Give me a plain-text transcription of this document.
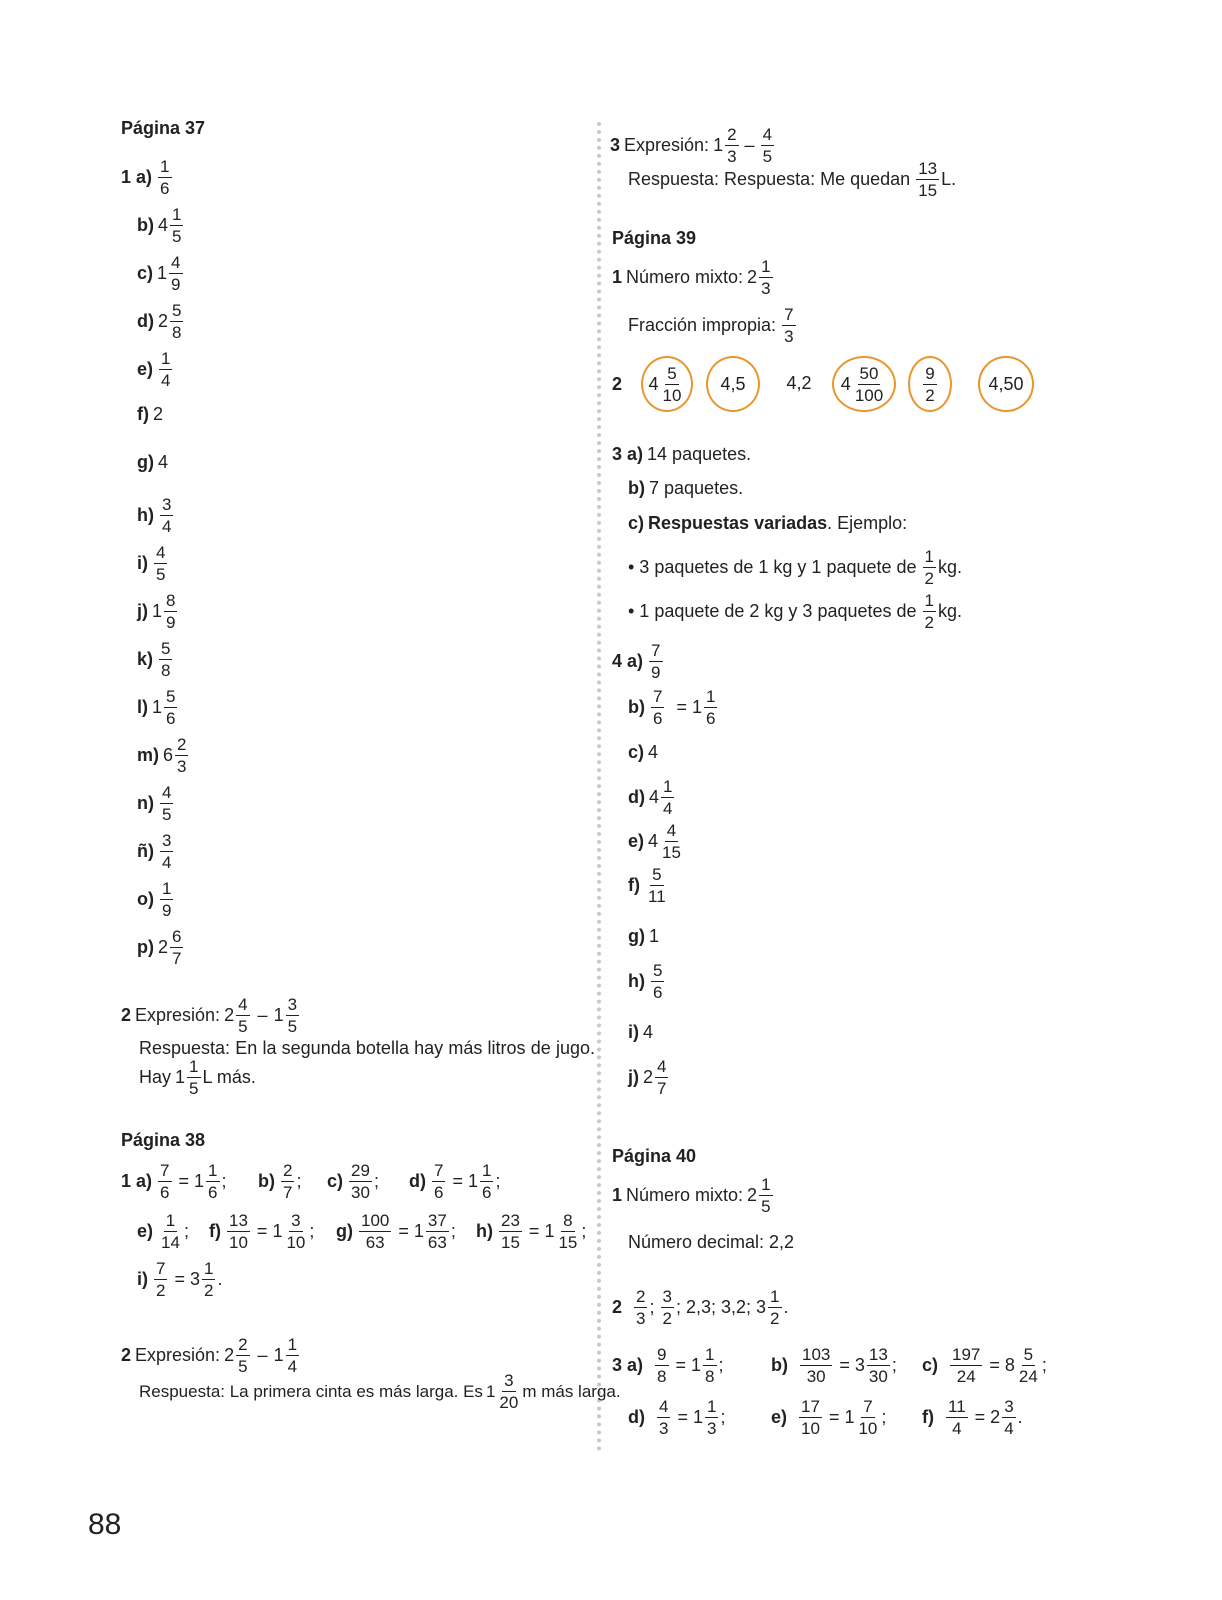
Página 37
1 $a) \frac{1}{6}$
b) $4 \frac{1}{5}$
c) $1 \frac{4}{9}$
d) $2 \frac{5}{8}$
$e) \frac{1}{4}$
f) 2
g) 4
$h) \frac{3}{4}$
$i) \frac{4}{5}$
j) $1 \frac{8}{9}$
$k) \frac{5}{8}$
l) $1 \frac{5}{6}$
m) $6 \frac{2}{3}$
$n) \frac{4}{5}$
ñ) $\frac{3}{4}$
$o) \frac{1}{9}$
p) $2 \frac{6}{7}$
2 Expresión: $2 \frac{4}{5} - 1 \frac{3}{5}$
Respuesta: En la segunda botella hay más litros de jugo.
Hay $1 \frac{1}{5}$ L más.
Página 38
1 $a) \frac{7}{6} = 1 \frac{1}{6}$ ; $b) \frac{2}{7}$ ; $c) \frac{29}{30}$ ; $d) \frac{7}{6} = 1 \frac{1}{6}$ ;
$e) \frac{1}{14}$ ; $f) \frac{13}{10} = 1 \frac{3}{10}$ ; $g) \frac{100}{63} = 1 \frac{37}{63}$ ; $h) \frac{23}{15} = 1 \frac{8}{15}$ ;
$i) \frac{7}{2} = 3 \frac{1}{2}$ .
2 Expresión: $2 \frac{2}{5} - 1 \frac{1}{4}$
Respuesta: La primera cinta es más larga. Es $1 \frac{3}{20}$ m más larga.
3 Expresión: $1 \frac{2}{3} - \frac{4}{5}$
Respuesta: Respuesta: Me quedan $\frac{13}{15} L$.
Página 39
1 Número mixto: $2 \frac{1}{3}$
Fracción impropia: $\frac{7}{3}$
2 $4 \frac{5}{10} 4,5$ 4,2 $4 \frac{50}{100} \frac{9}{2}$	4,50
3 a) 14 paquetes.
b) 7 paquetes.
c) Respuestas variadas . Ejemplo:
• 3 paquetes de 1 kg y 1 paquete de $\frac{1}{2}$ kg.
• 1 paquete de 2 kg y 3 paquetes de $\frac{1}{2}$ kg.
4 $a) \frac{7}{9}$
$b) \frac{7}{6} = 1 \frac{1}{6}$
c) 4
d) $4 \frac{1}{4}$
e) $4 \frac{4}{15}$
$f) \frac{5}{11}$
g) 1
$h) \frac{5}{6}$
i) 4
j) $2 \frac{4}{7}$
Página 40
1 Número mixto: $2 \frac{1}{5}$
Número decimal: 2,2
$2 \frac{2}{3}$ ; $\frac{3}{2}$ ; 2,3; 3,2; $3 \frac{1}{2}$ .
3 $a) \frac{9}{8} = 1 \frac{1}{8}$ ;	$b) \frac{103}{30} = 3 \frac{13}{30}$ ; $c) \frac{197}{24} = 8 \frac{5}{24}$ ;
$d) \frac{4}{3} = 1 \frac{1}{3}$ ;	$e) \frac{17}{10} = 1 \frac{7}{10}$ ; $f) \frac{11}{4} = 2 \frac{3}{4}$ .
88
